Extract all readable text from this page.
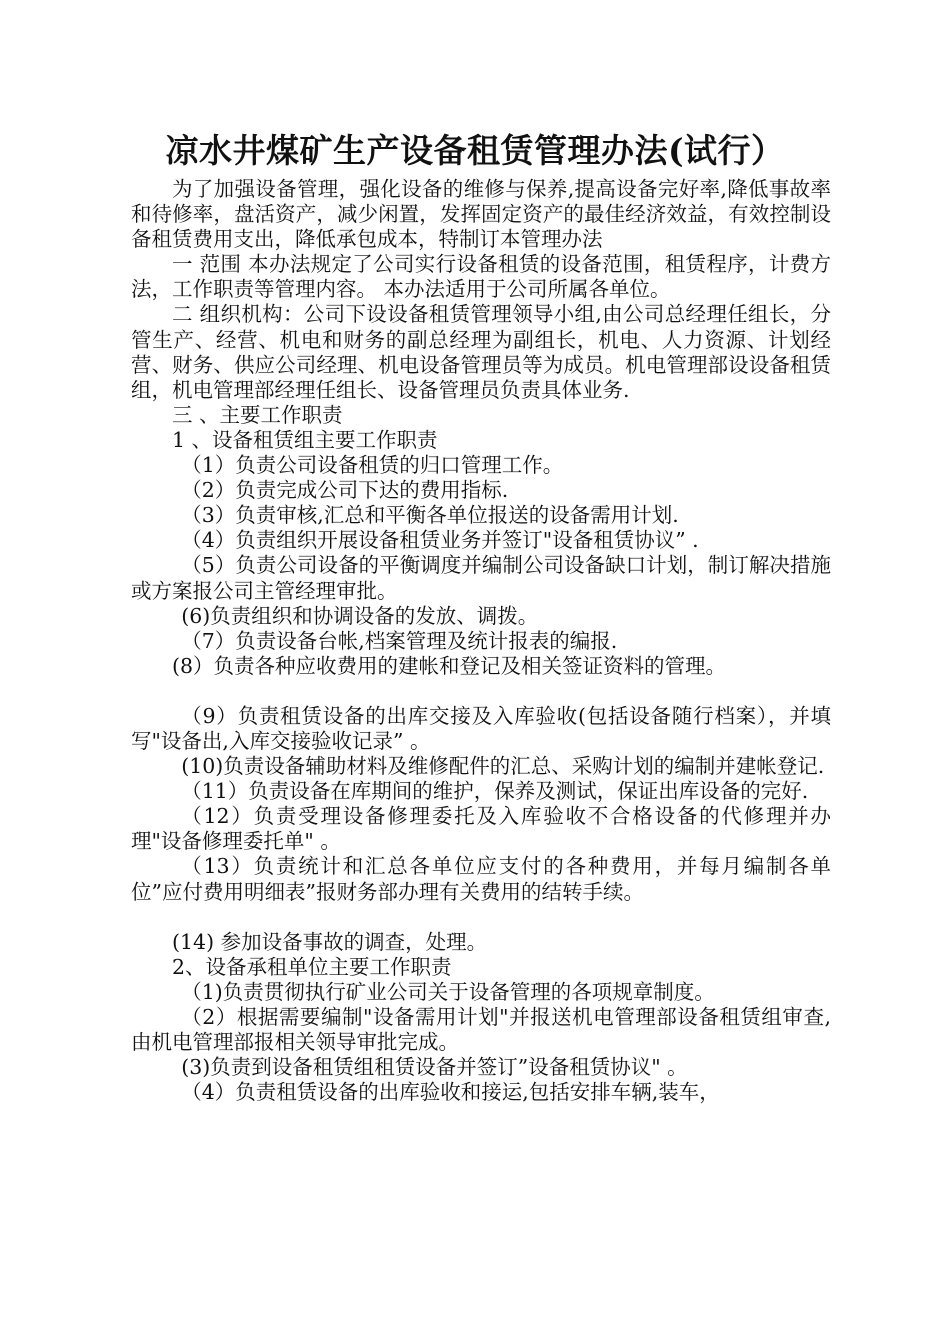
凉水井煤矿生产设备租赁管理办法(试行）

为了加强设备管理，强化设备的维修与保养,提高设备完好率,降低事故率和待修率，盘活资产，减少闲置，发挥固定资产的最佳经济效益，有效控制设备租赁费用支出，降低承包成本，特制订本管理办法

一 范围 本办法规定了公司实行设备租赁的设备范围，租赁程序，计费方法，工作职责等管理内容。 本办法适用于公司所属各单位。

二 组织机构：公司下设设备租赁管理领导小组,由公司总经理任组长，分管生产、经营、机电和财务的副总经理为副组长，机电、人力资源、计划经营、财务、供应公司经理、机电设备管理员等为成员。机电管理部设设备租赁组，机电管理部经理任组长、设备管理员负责具体业务.

三 、主要工作职责

1 、设备租赁组主要工作职责

（1）负责公司设备租赁的归口管理工作。

（2）负责完成公司下达的费用指标.

（3）负责审核,汇总和平衡各单位报送的设备需用计划.

（4）负责组织开展设备租赁业务并签订"设备租赁协议” .

（5）负责公司设备的平衡调度并编制公司设备缺口计划，制订解决措施或方案报公司主管经理审批。

(6)负责组织和协调设备的发放、调拨。

（7）负责设备台帐,档案管理及统计报表的编报.

(8）负责各种应收费用的建帐和登记及相关签证资料的管理。

（9）负责租赁设备的出库交接及入库验收(包括设备随行档案），并填写"设备出,入库交接验收记录” 。

(10)负责设备辅助材料及维修配件的汇总、采购计划的编制并建帐登记.

（11）负责设备在库期间的维护，保养及测试，保证出库设备的完好.

（12）负责受理设备修理委托及入库验收不合格设备的代修理并办理"设备修理委托单" 。

（13）负责统计和汇总各单位应支付的各种费用，并每月编制各单位”应付费用明细表”报财务部办理有关费用的结转手续。

(14) 参加设备事故的调查，处理。

2、设备承租单位主要工作职责

（1)负责贯彻执行矿业公司关于设备管理的各项规章制度。

（2）根据需要编制"设备需用计划"并报送机电管理部设备租赁组审查,由机电管理部报相关领导审批完成。

(3)负责到设备租赁组租赁设备并签订”设备租赁协议" 。

（4）负责租赁设备的出库验收和接运,包括安排车辆,装车，
